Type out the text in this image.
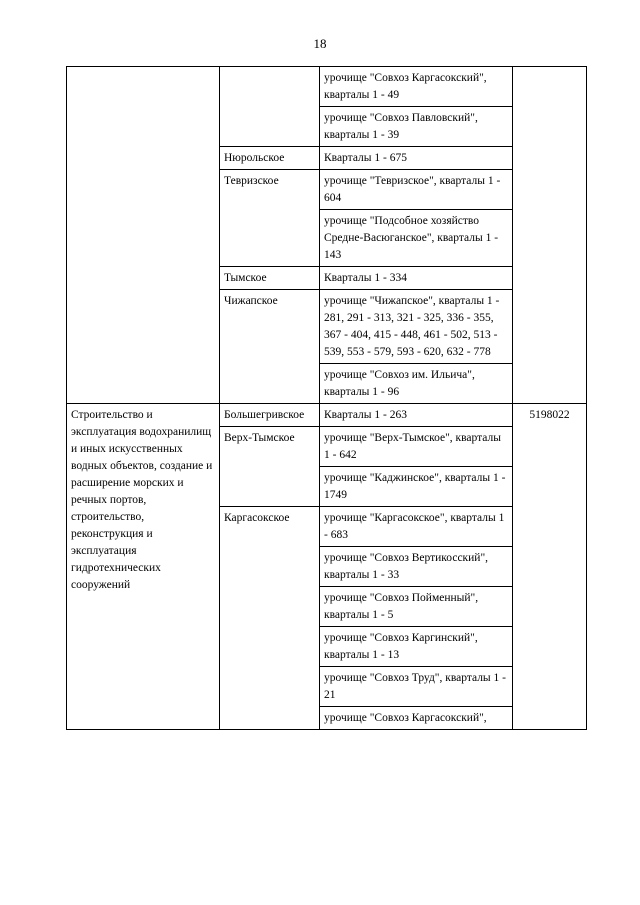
18
		урочище "Совхоз Каргасокский", кварталы 1 - 49	
		урочище "Совхоз Павловский", кварталы 1 - 39	
	Нюрольское	Кварталы 1 - 675	
	Тевризское	урочище "Тевризское", кварталы 1 - 604	
		урочище "Подсобное хозяйство Средне-Васюганское", кварталы 1 - 143	
	Тымское	Кварталы 1 - 334	
	Чижапское	урочище "Чижапское", кварталы 1 - 281, 291 - 313, 321 - 325, 336 - 355, 367 - 404, 415 - 448, 461 - 502, 513 - 539, 553 - 579, 593 - 620, 632 - 778	
		урочище "Совхоз им. Ильича", кварталы 1 - 96	
Строительство и эксплуатация водохранилищ и иных искусственных водных объектов, создание и расширение морских и речных портов, строительство, реконструкция и эксплуатация гидротехнических сооружений	Большегривское	Кварталы 1 - 263	5198022
	Верх-Тымское	урочище "Верх-Тымское", кварталы 1 - 642	
		урочище "Каджинское", кварталы 1 - 1749	
	Каргасокское	урочище "Каргасокское", кварталы 1 - 683	
		урочище "Совхоз Вертикосский", кварталы 1 - 33	
		урочище "Совхоз Пойменный", кварталы 1 - 5	
		урочище "Совхоз Каргинский", кварталы 1 - 13	
		урочище "Совхоз Труд", кварталы 1 - 21	
		урочище "Совхоз Каргасокский",	
